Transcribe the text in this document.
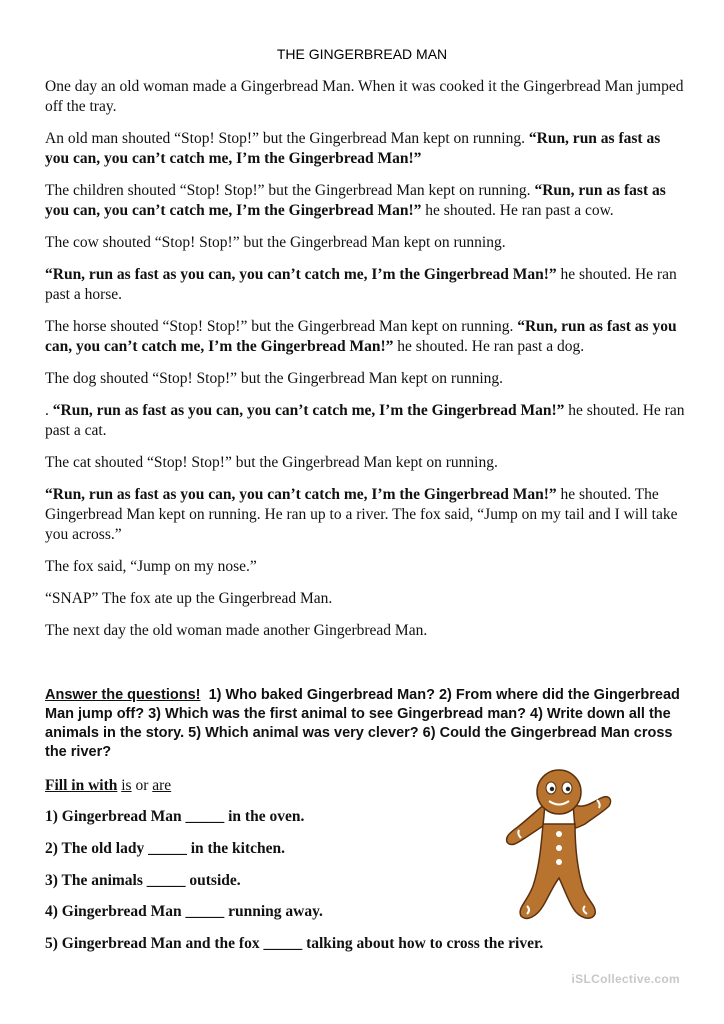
THE GINGERBREAD MAN

One day an old woman made a Gingerbread Man. When it was cooked it the Gingerbread Man jumped off the tray.

An old man shouted “Stop! Stop!” but the Gingerbread Man kept on running. “Run, run as fast as you can, you can’t catch me, I’m the Gingerbread Man!”

The children shouted “Stop! Stop!” but the Gingerbread Man kept on running. “Run, run as fast as you can, you can’t catch me, I’m the Gingerbread Man!” he shouted. He ran past a cow.

The cow shouted “Stop! Stop!” but the Gingerbread Man kept on running.

“Run, run as fast as you can, you can’t catch me, I’m the Gingerbread Man!” he shouted. He ran past a horse.

The horse shouted “Stop! Stop!” but the Gingerbread Man kept on running. “Run, run as fast as you can, you can’t catch me, I’m the Gingerbread Man!” he shouted. He ran past a dog.

The dog shouted “Stop! Stop!” but the Gingerbread Man kept on running.

. “Run, run as fast as you can, you can’t catch me, I’m the Gingerbread Man!” he shouted. He ran past a cat.

The cat shouted “Stop! Stop!” but the Gingerbread Man kept on running.

“Run, run as fast as you can, you can’t catch me, I’m the Gingerbread Man!” he shouted. The Gingerbread Man kept on running. He ran up to a river. The fox said, “Jump on my tail and I will take you across.”

The fox said, “Jump on my nose.”

“SNAP” The fox ate up the Gingerbread Man.

The next day the old woman made another Gingerbread Man.

Answer the questions! 1) Who baked Gingerbread Man? 2) From where did the Gingerbread Man jump off? 3) Which was the first animal to see Gingerbread man? 4) Write down all the animals in the story. 5) Which animal was very clever? 6) Could the Gingerbread Man cross the river?
Fill in with is or are
1) Gingerbread Man _____ in the oven.
2) The old lady _____ in the kitchen.
3) The animals _____ outside.
4) Gingerbread Man _____ running away.
5) Gingerbread Man and the fox _____ talking about how to cross the river.
iSLCollective.com
